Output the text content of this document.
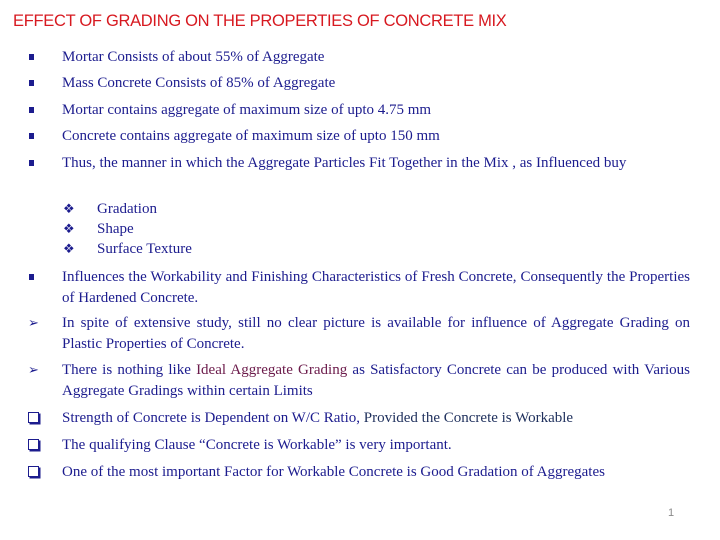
EFFECT OF GRADING ON THE PROPERTIES OF CONCRETE MIX
Mortar Consists of about 55% of Aggregate
Mass Concrete Consists of 85% of Aggregate
Mortar contains aggregate of maximum size of upto 4.75 mm
Concrete contains aggregate of maximum size of upto 150 mm
Thus, the manner in which the Aggregate Particles Fit Together in the Mix , as Influenced buy
❖ Gradation
❖ Shape
❖ Surface Texture
Influences the Workability and Finishing Characteristics of Fresh Concrete, Consequently the Properties of Hardened Concrete.
➢ In spite of extensive study, still no clear picture is available for influence of Aggregate Grading on Plastic Properties of Concrete.
➢ There is nothing like Ideal Aggregate Grading as Satisfactory Concrete can be produced with Various Aggregate Gradings within certain Limits
Strength of Concrete is Dependent on W/C Ratio, Provided the Concrete is Workable
The qualifying Clause “Concrete is Workable” is very important.
One of the most important Factor for Workable Concrete is Good Gradation of Aggregates
1
